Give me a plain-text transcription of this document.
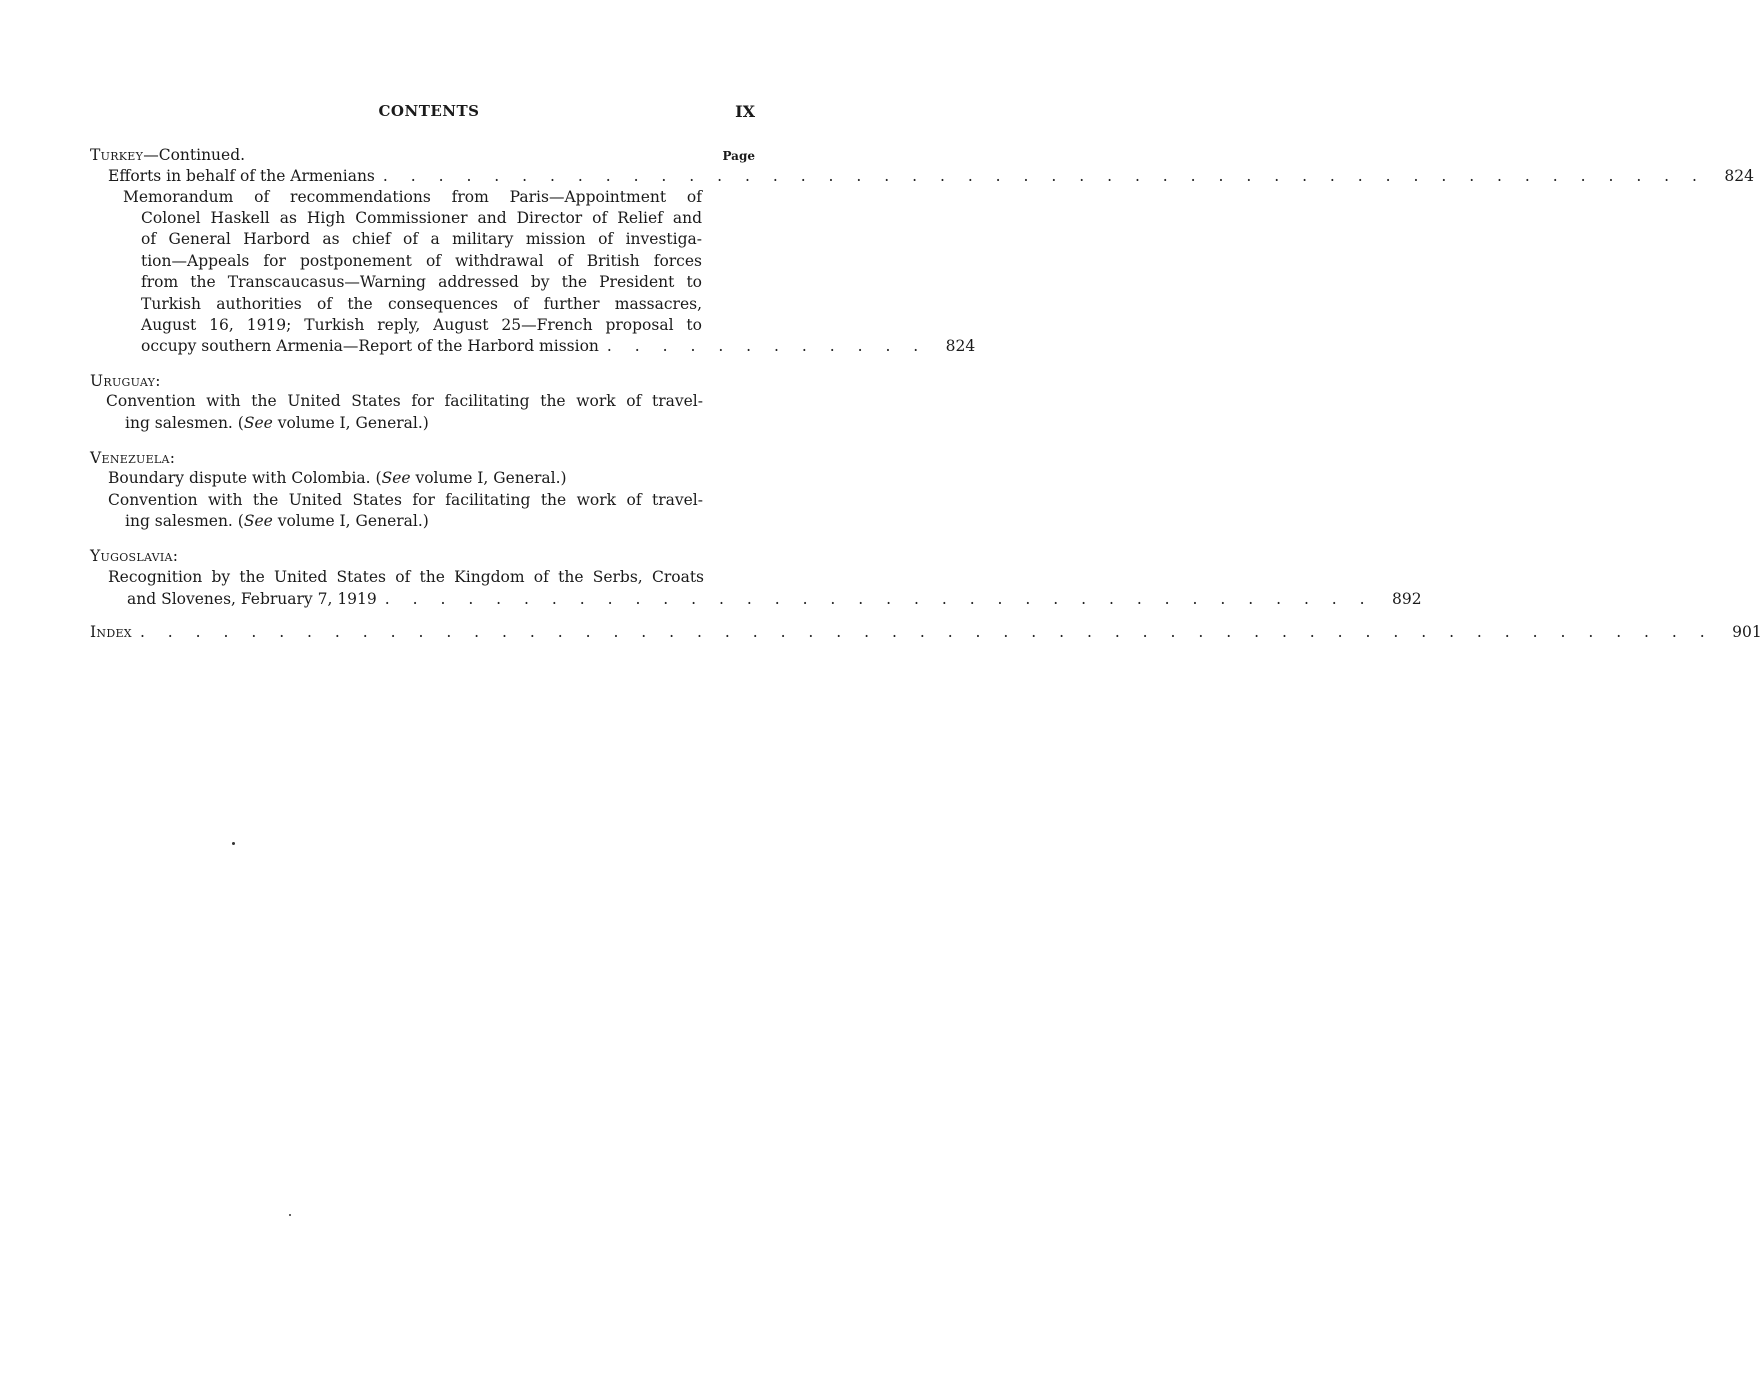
CONTENTS	IX
Turkey—Continued.	Page
Efforts in behalf of the Armenians . . . . . . . . . . . . . . . . . . . . . . . . . . . . . . . . . . . . . . . . . . . . . . . .	824
Memorandum of recommendations from Paris—Appointment of
Colonel Haskell as High Commissioner and Director of Relief and
of General Harbord as chief of a military mission of investiga-
tion—Appeals for postponement of withdrawal of British forces
from the Transcaucasus—Warning addressed by the President to
Turkish authorities of the consequences of further massacres,
August 16, 1919; Turkish reply, August 25—French proposal to
occupy southern Armenia—Report of the Harbord mission . . . . . . . . . . . .	824
Uruguay:
Convention with the United States for facilitating the work of travel-
ing salesmen. (See volume I, General.)
Venezuela:
Boundary dispute with Colombia. (See volume I, General.)
Convention with the United States for facilitating the work of travel-
ing salesmen. (See volume I, General.)
Yugoslavia:
Recognition by the United States of the Kingdom of the Serbs, Croats
and Slovenes, February 7, 1919 . . . . . . . . . . . . . . . . . . . . . . . . . . . . . . . . . . . .	892
Index . . . . . . . . . . . . . . . . . . . . . . . . . . . . . . . . . . . . . . . . . . . . . . . . . . . . . . . . .	901
